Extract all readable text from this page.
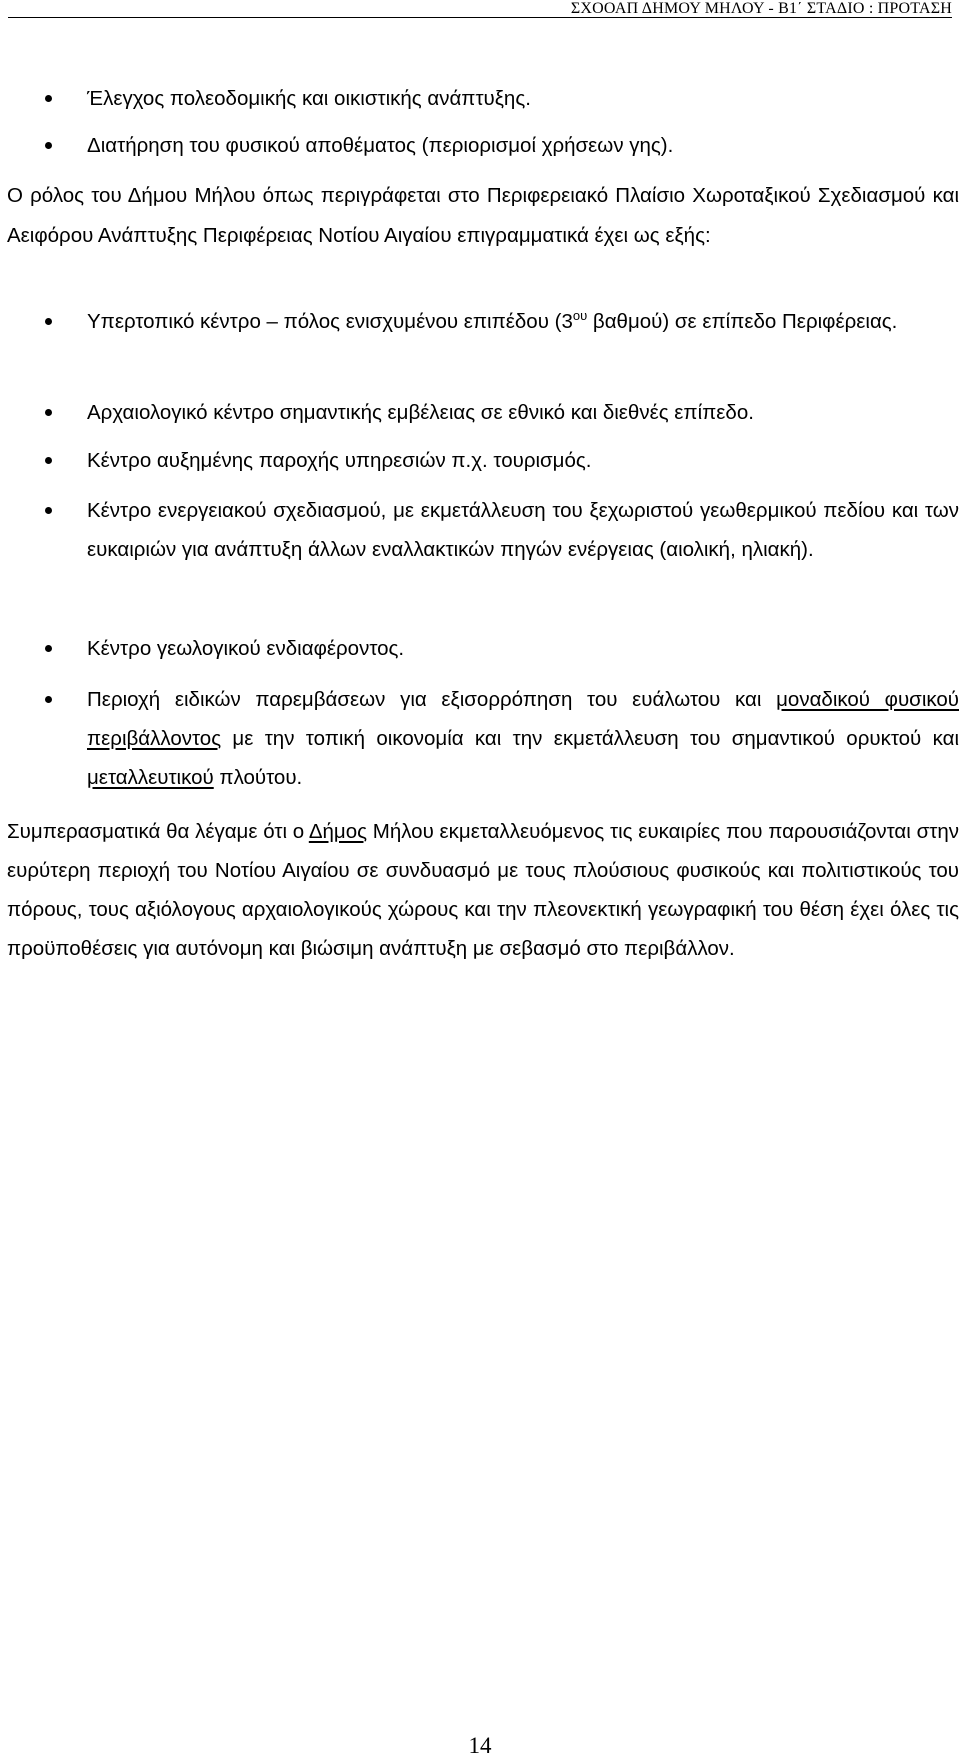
ΣΧΟΟΑΠ ΔΗΜΟΥ ΜΗΛΟΥ - Β1΄ ΣΤΑΔΙΟ : ΠΡΟΤΑΣΗ
Έλεγχος πολεοδομικής και οικιστικής ανάπτυξης.
Διατήρηση του φυσικού αποθέματος (περιορισμοί χρήσεων γης).
Ο ρόλος του Δήμου Μήλου όπως περιγράφεται στο Περιφερειακό Πλαίσιο Χωροταξικού Σχεδιασμού και Αειφόρου Ανάπτυξης Περιφέρειας Νοτίου Αιγαίου επιγραμματικά έχει ως εξής:
Υπερτοπικό κέντρο – πόλος ενισχυμένου επιπέδου ($3^{o\upsilon}$ βαθμού) σε επίπεδο Περιφέρειας.
Αρχαιολογικό κέντρο σημαντικής εμβέλειας σε εθνικό και διεθνές επίπεδο.
Κέντρο αυξημένης παροχής υπηρεσιών π.χ. τουρισμός.
Κέντρο ενεργειακού σχεδιασμού, με εκμετάλλευση του ξεχωριστού γεωθερμικού πεδίου και των ευκαιριών για ανάπτυξη άλλων εναλλακτικών πηγών ενέργειας (αιολική, ηλιακή).
Κέντρο γεωλογικού ενδιαφέροντος.
Περιοχή ειδικών παρεμβάσεων για εξισορρόπηση του ευάλωτου και μοναδικού φυσικού περιβάλλοντος με την τοπική οικονομία και την εκμετάλλευση του σημαντικού ορυκτού και μεταλλευτικού πλούτου.
Συμπερασματικά θα λέγαμε ότι ο Δήμος Μήλου εκμεταλλευόμενος τις ευκαιρίες που παρουσιάζονται στην ευρύτερη περιοχή του Νοτίου Αιγαίου σε συνδυασμό με τους πλούσιους φυσικούς και πολιτιστικούς του πόρους, τους αξιόλογους αρχαιολογικούς χώρους και την πλεονεκτική γεωγραφική του θέση έχει όλες τις προϋποθέσεις για αυτόνομη και βιώσιμη ανάπτυξη με σεβασμό στο περιβάλλον.
14
